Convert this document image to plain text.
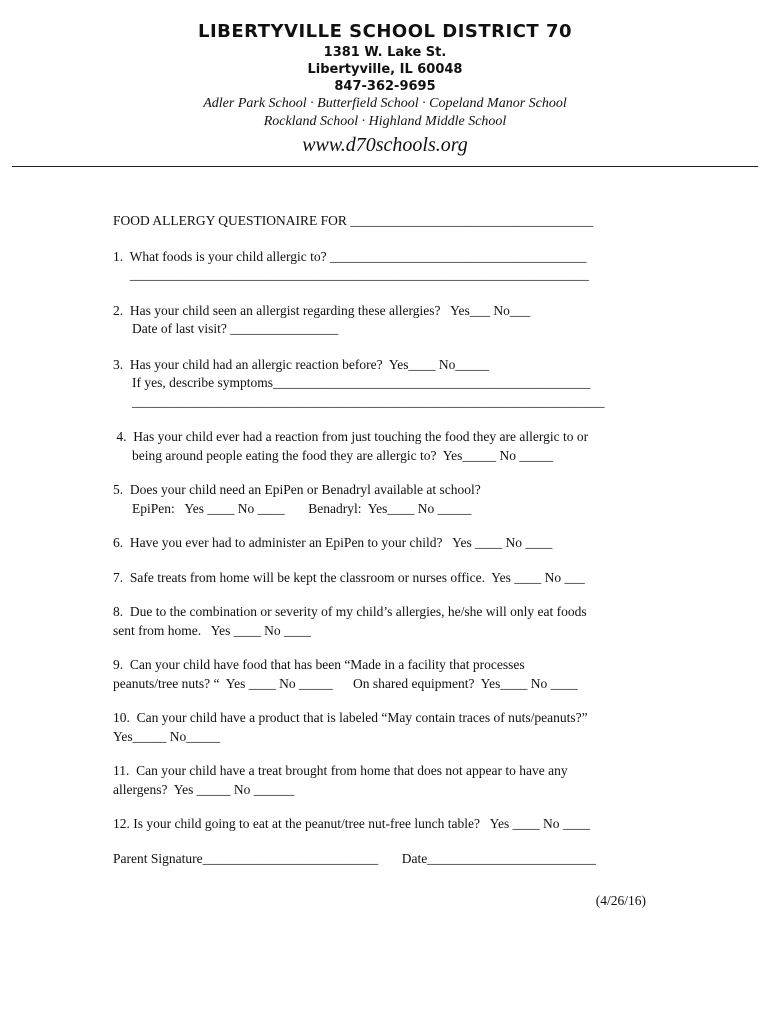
LIBERTYVILLE SCHOOL DISTRICT 70
1381 W. Lake St.
Libertyville, IL 60048
847-362-9695
Adler Park School · Butterfield School · Copeland Manor School
Rockland School · Highland Middle School
www.d70schools.org
FOOD ALLERGY QUESTIONAIRE FOR ____________________________________
1.  What foods is your child allergic to? ______________________________________
____________________________________________________________________
2.  Has your child seen an allergist regarding these allergies?   Yes___ No___
Date of last visit? ________________
3.  Has your child had an allergic reaction before?  Yes____ No_____
If yes, describe symptoms_______________________________________________
______________________________________________________________________
4.  Has your child ever had a reaction from just touching the food they are allergic to or
being around people eating the food they are allergic to?  Yes_____ No _____
5.  Does your child need an EpiPen or Benadryl available at school?
EpiPen:   Yes ____ No ____       Benadryl:  Yes____ No _____
6.  Have you ever had to administer an EpiPen to your child?   Yes ____ No ____
7.  Safe treats from home will be kept the classroom or nurses office.  Yes ____ No ___
8.  Due to the combination or severity of my child’s allergies, he/she will only eat foods
sent from home.   Yes ____ No ____
9.  Can your child have food that has been “Made in a facility that processes
peanuts/tree nuts? “  Yes ____ No _____      On shared equipment?  Yes____ No ____
10.  Can your child have a product that is labeled “May contain traces of nuts/peanuts?”
Yes_____ No_____
11.  Can your child have a treat brought from home that does not appear to have any
allergens?  Yes _____ No ______
12. Is your child going to eat at the peanut/tree nut-free lunch table?   Yes ____ No ____
Parent Signature__________________________       Date_________________________
(4/26/16)
